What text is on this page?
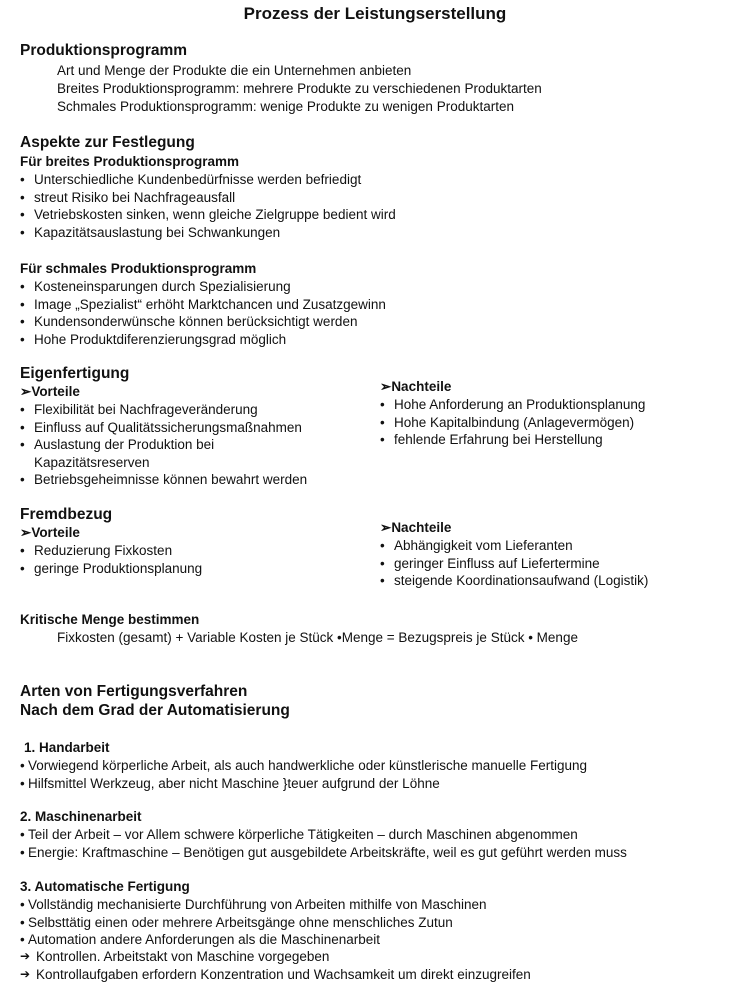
Prozess der Leistungserstellung
Produktionsprogramm
Art und Menge der Produkte die ein Unternehmen anbieten
Breites Produktionsprogramm: mehrere Produkte zu verschiedenen Produktarten
Schmales Produktionsprogramm: wenige Produkte zu wenigen Produktarten
Aspekte zur Festlegung
Für breites Produktionsprogramm
• Unterschiedliche Kundenbedürfnisse werden befriedigt
• streut Risiko bei Nachfrageausfall
• Vetriebskosten sinken, wenn gleiche Zielgruppe bedient wird
• Kapazitätsauslastung bei Schwankungen
Für schmales Produktionsprogramm
• Kosteneinsparungen durch Spezialisierung
• Image „Spezialist“ erhöht Marktchancen und Zusatzgewinn
• Kundensonderwünsche können berücksichtigt werden
• Hohe Produktdiferenzierungsgrad möglich
Eigenfertigung
➢Vorteile
• Flexibilität bei Nachfrageveränderung
• Einfluss auf Qualitätssicherungsmaßnahmen
• Auslastung der Produktion bei Kapazitätsreserven
• Betriebsgeheimnisse können bewahrt werden
➢Nachteile
• Hohe Anforderung an Produktionsplanung
• Hohe Kapitalbindung (Anlagevermögen)
• fehlende Erfahrung bei Herstellung
Fremdbezug
➢Vorteile
• Reduzierung Fixkosten
• geringe Produktionsplanung
➢Nachteile
• Abhängigkeit vom Lieferanten
• geringer Einfluss auf Liefertermine
• steigende Koordinationsaufwand (Logistik)
Kritische Menge bestimmen
Fixkosten (gesamt) + Variable Kosten je Stück •Menge = Bezugspreis je Stück • Menge
Arten von Fertigungsverfahren
Nach dem Grad der Automatisierung
1. Handarbeit
• Vorwiegend körperliche Arbeit, als auch handwerkliche oder künstlerische manuelle Fertigung
• Hilfsmittel Werkzeug, aber nicht Maschine }teuer aufgrund der Löhne
2. Maschinenarbeit
• Teil der Arbeit – vor Allem schwere körperliche Tätigkeiten – durch Maschinen abgenommen
• Energie: Kraftmaschine – Benötigen gut ausgebildete Arbeitskräfte, weil es gut geführt werden muss
3. Automatische Fertigung
• Vollständig mechanisierte Durchführung von Arbeiten mithilfe von Maschinen
• Selbsttätig einen oder mehrere Arbeitsgänge ohne menschliches Zutun
• Automation andere Anforderungen als die Maschinenarbeit
➔ Kontrollen. Arbeitstakt von Maschine vorgegeben
➔ Kontrollaufgaben erfordern Konzentration und Wachsamkeit um direkt einzugreifen
